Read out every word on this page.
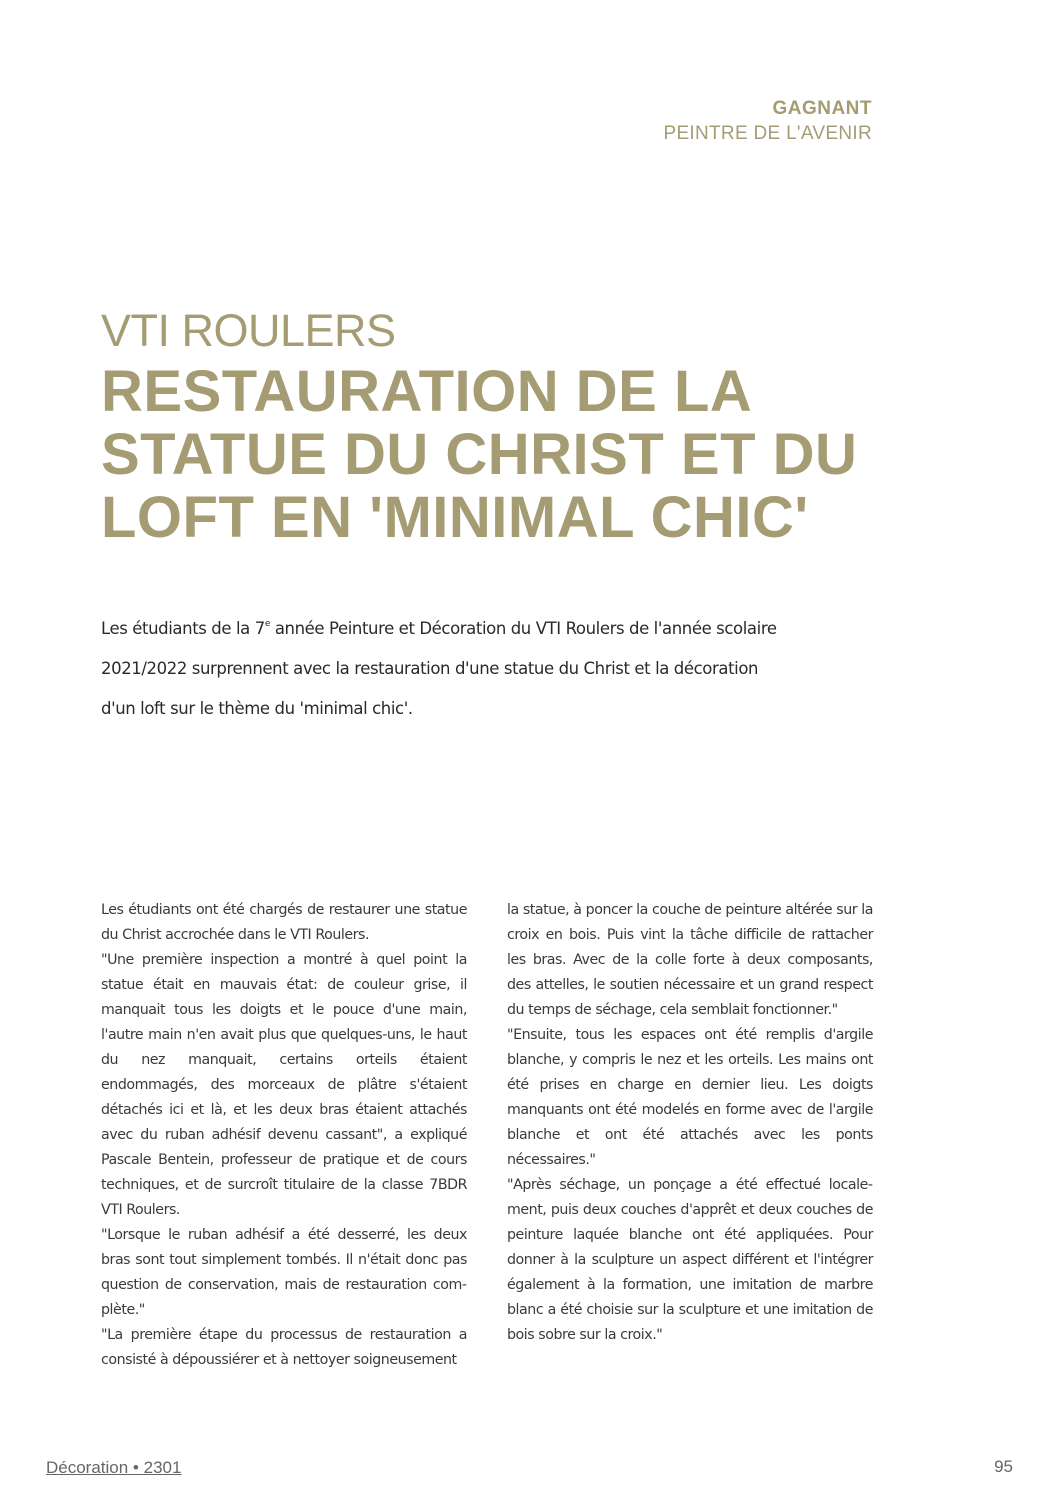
GAGNANT
PEINTRE DE L'AVENIR
VTI ROULERS
RESTAURATION DE LA
STATUE DU CHRIST ET DU
LOFT EN 'MINIMAL CHIC'
Les étudiants de la 7e année Peinture et Décoration du VTI Roulers de l'année scolaire 2021/2022 surprennent avec la restauration d'une statue du Christ et la décoration d'un loft sur le thème du 'minimal chic'.

Les étudiants ont été chargés de restaurer une statue du Christ accrochée dans le VTI Roulers.

"Une première inspection a montré à quel point la statue était en mauvais état: de couleur grise, il manquait tous les doigts et le pouce d'une main, l'autre main n'en avait plus que quelques-uns, le haut du nez manquait, certains orteils étaient endommagés, des morceaux de plâtre s'étaient détachés ici et là, et les deux bras étaient attachés avec du ruban adhésif devenu cassant", a expliqué Pascale Bentein, professeur de pratique et de cours techniques, et de surcroît titulaire de la classe 7BDR VTI Roulers.

"Lorsque le ruban adhésif a été desserré, les deux bras sont tout simplement tombés. Il n'était donc pas question de conservation, mais de restauration complète."

"La première étape du processus de restauration a consisté à dépoussiérer et à nettoyer soigneusement

la statue, à poncer la couche de peinture altérée sur la croix en bois. Puis vint la tâche difficile de rattacher les bras. Avec de la colle forte à deux composants, des attelles, le soutien nécessaire et un grand respect du temps de séchage, cela semblait fonctionner."

"Ensuite, tous les espaces ont été remplis d'argile blanche, y compris le nez et les orteils. Les mains ont été prises en charge en dernier lieu. Les doigts manquants ont été modelés en forme avec de l'argile blanche et ont été attachés avec les ponts nécessaires."

"Après séchage, un ponçage a été effectué localement, puis deux couches d'apprêt et deux couches de peinture laquée blanche ont été appliquées. Pour donner à la sculpture un aspect différent et l'intégrer également à la formation, une imitation de marbre blanc a été choisie sur la sculpture et une imitation de bois sobre sur la croix."

Décoration • 2301	95
